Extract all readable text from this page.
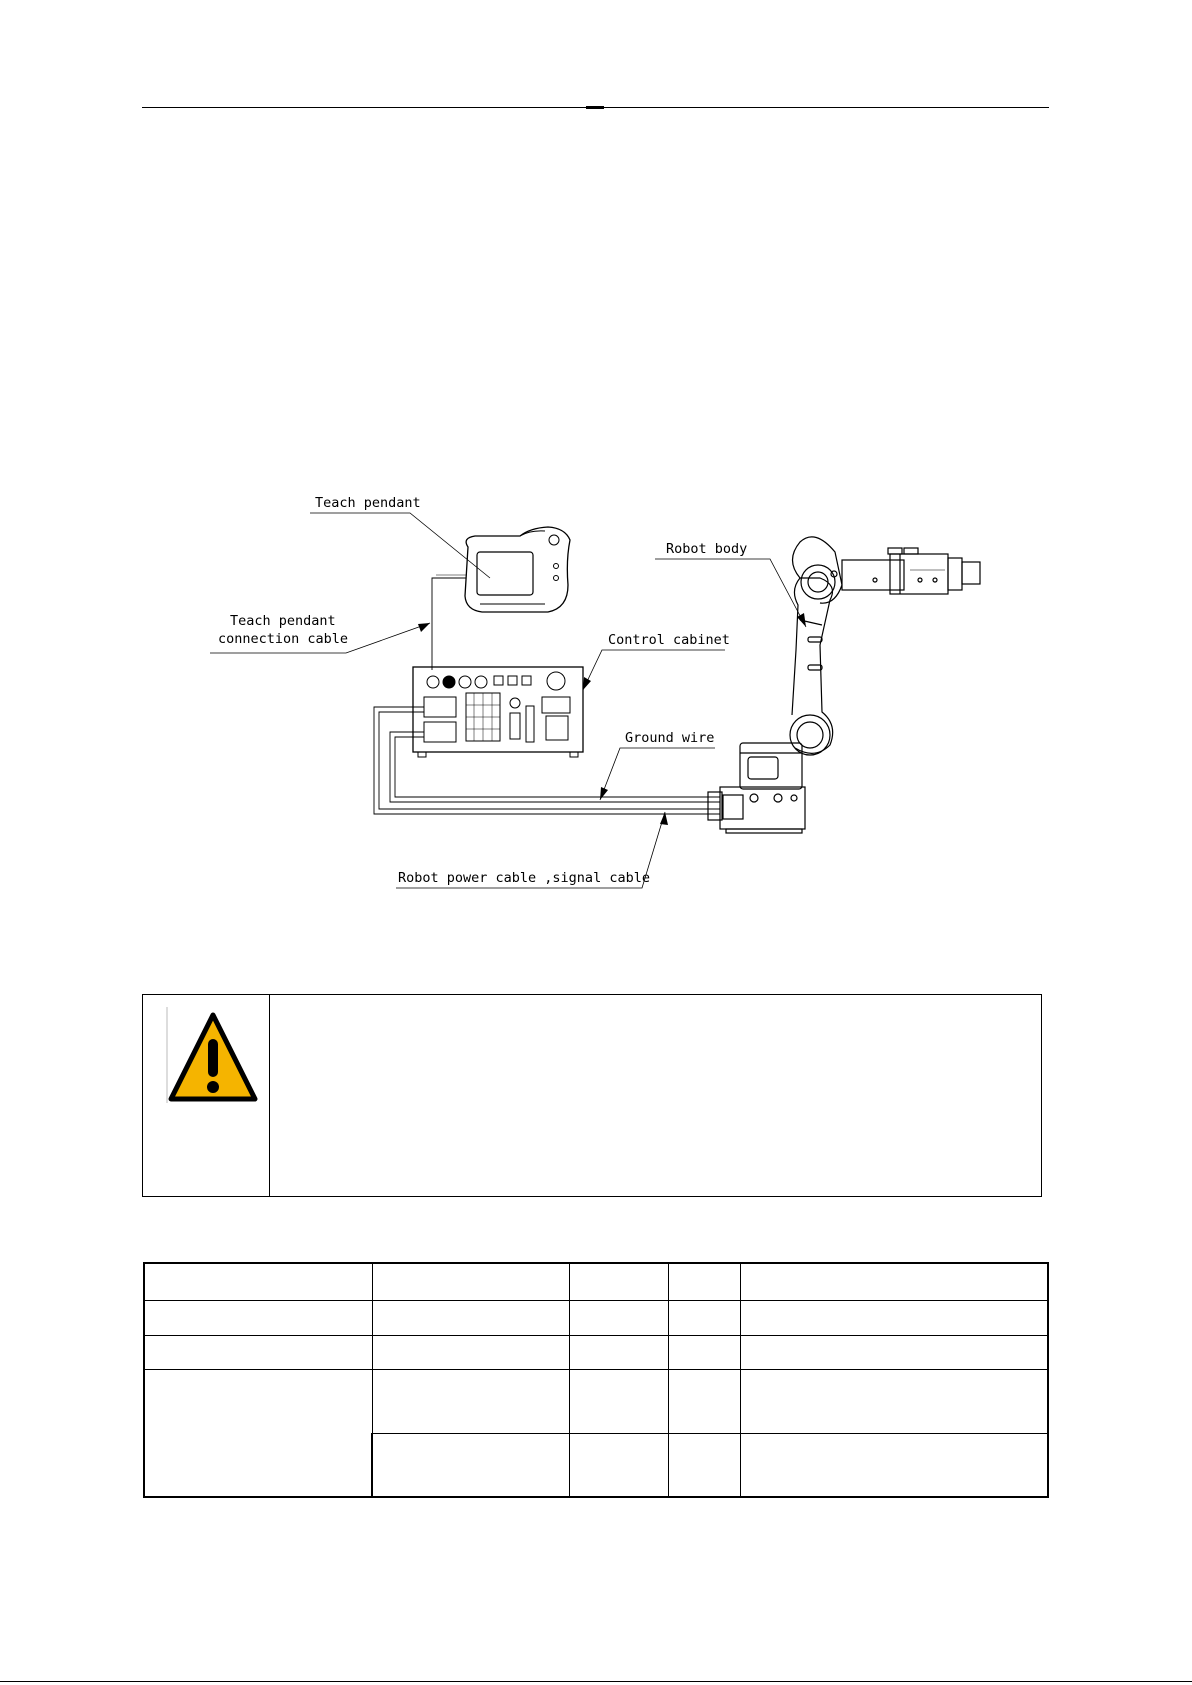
Teach pendant
Teach pendant
connection cable	Control cabinet
Ground wire
Robot power cable ,signal cable
Robot body
